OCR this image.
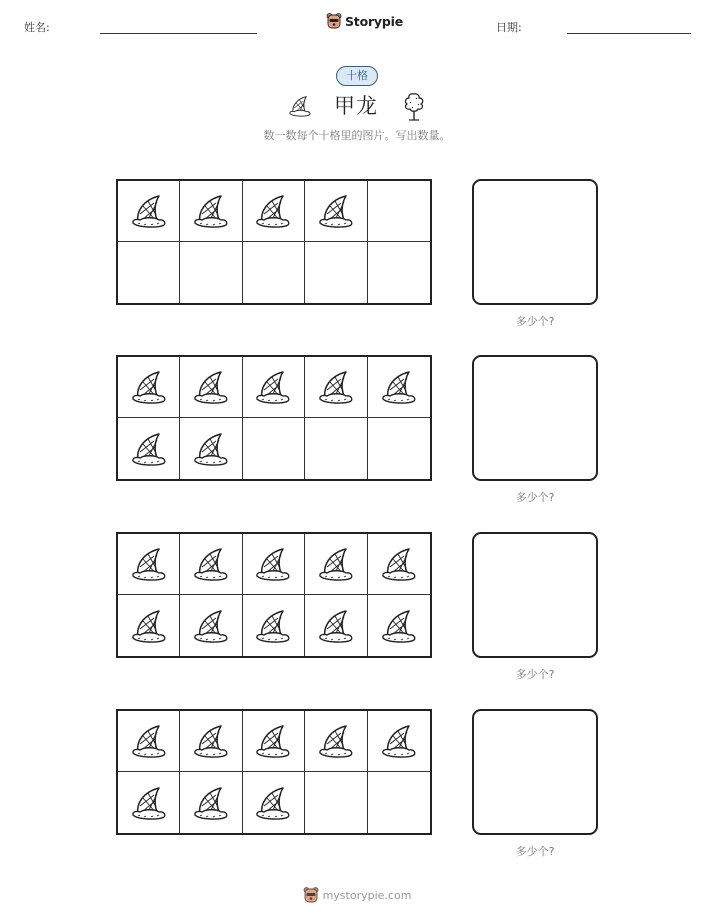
姓名:	Storypie	日期:
十格
甲龙
数一数每个十格里的图片。写出数量。
多少个?
多少个?
多少个?
多少个?
mystorypie.com
